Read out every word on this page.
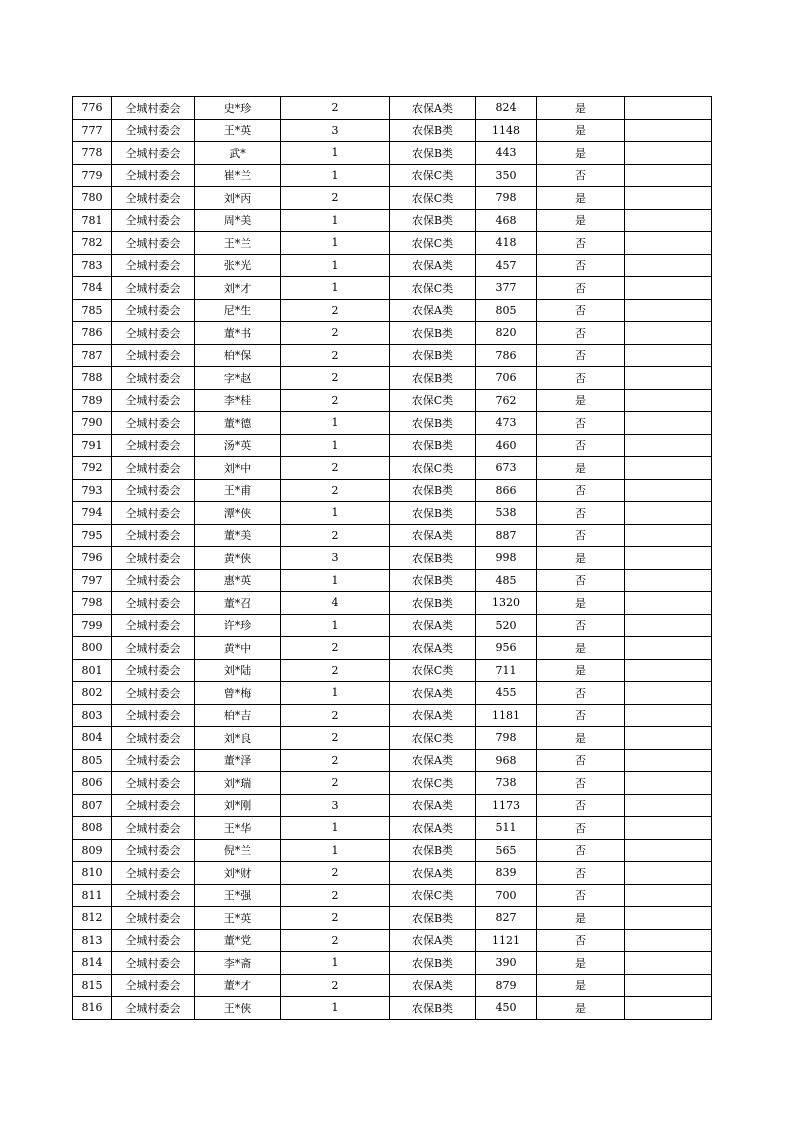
776	仝城村委会	史*珍	2	农保A类	824	是	
777	仝城村委会	王*英	3	农保B类	1148	是	
778	仝城村委会	武*	1	农保B类	443	是	
779	仝城村委会	崔*兰	1	农保C类	350	否	
780	仝城村委会	刘*丙	2	农保C类	798	是	
781	仝城村委会	周*美	1	农保B类	468	是	
782	仝城村委会	王*兰	1	农保C类	418	否	
783	仝城村委会	张*光	1	农保A类	457	否	
784	仝城村委会	刘*才	1	农保C类	377	否	
785	仝城村委会	尼*生	2	农保A类	805	否	
786	仝城村委会	董*书	2	农保B类	820	否	
787	仝城村委会	柏*保	2	农保B类	786	否	
788	仝城村委会	字*赵	2	农保B类	706	否	
789	仝城村委会	李*桂	2	农保C类	762	是	
790	仝城村委会	董*德	1	农保B类	473	否	
791	仝城村委会	汤*英	1	农保B类	460	否	
792	仝城村委会	刘*中	2	农保C类	673	是	
793	仝城村委会	王*甫	2	农保B类	866	否	
794	仝城村委会	潭*俠	1	农保B类	538	否	
795	仝城村委会	董*美	2	农保A类	887	否	
796	仝城村委会	黄*俠	3	农保B类	998	是	
797	仝城村委会	惠*英	1	农保B类	485	否	
798	仝城村委会	董*召	4	农保B类	1320	是	
799	仝城村委会	许*珍	1	农保A类	520	否	
800	仝城村委会	黄*中	2	农保A类	956	是	
801	仝城村委会	刘*陆	2	农保C类	711	是	
802	仝城村委会	曾*梅	1	农保A类	455	否	
803	仝城村委会	柏*吉	2	农保A类	1181	否	
804	仝城村委会	刘*良	2	农保C类	798	是	
805	仝城村委会	董*泽	2	农保A类	968	否	
806	仝城村委会	刘*瑞	2	农保C类	738	否	
807	仝城村委会	刘*刚	3	农保A类	1173	否	
808	仝城村委会	王*华	1	农保A类	511	否	
809	仝城村委会	倪*兰	1	农保B类	565	否	
810	仝城村委会	刘*财	2	农保A类	839	否	
811	仝城村委会	王*强	2	农保C类	700	否	
812	仝城村委会	王*英	2	农保B类	827	是	
813	仝城村委会	董*党	2	农保A类	1121	否	
814	仝城村委会	李*斋	1	农保B类	390	是	
815	仝城村委会	董*才	2	农保A类	879	是	
816	仝城村委会	王*俠	1	农保B类	450	是	
